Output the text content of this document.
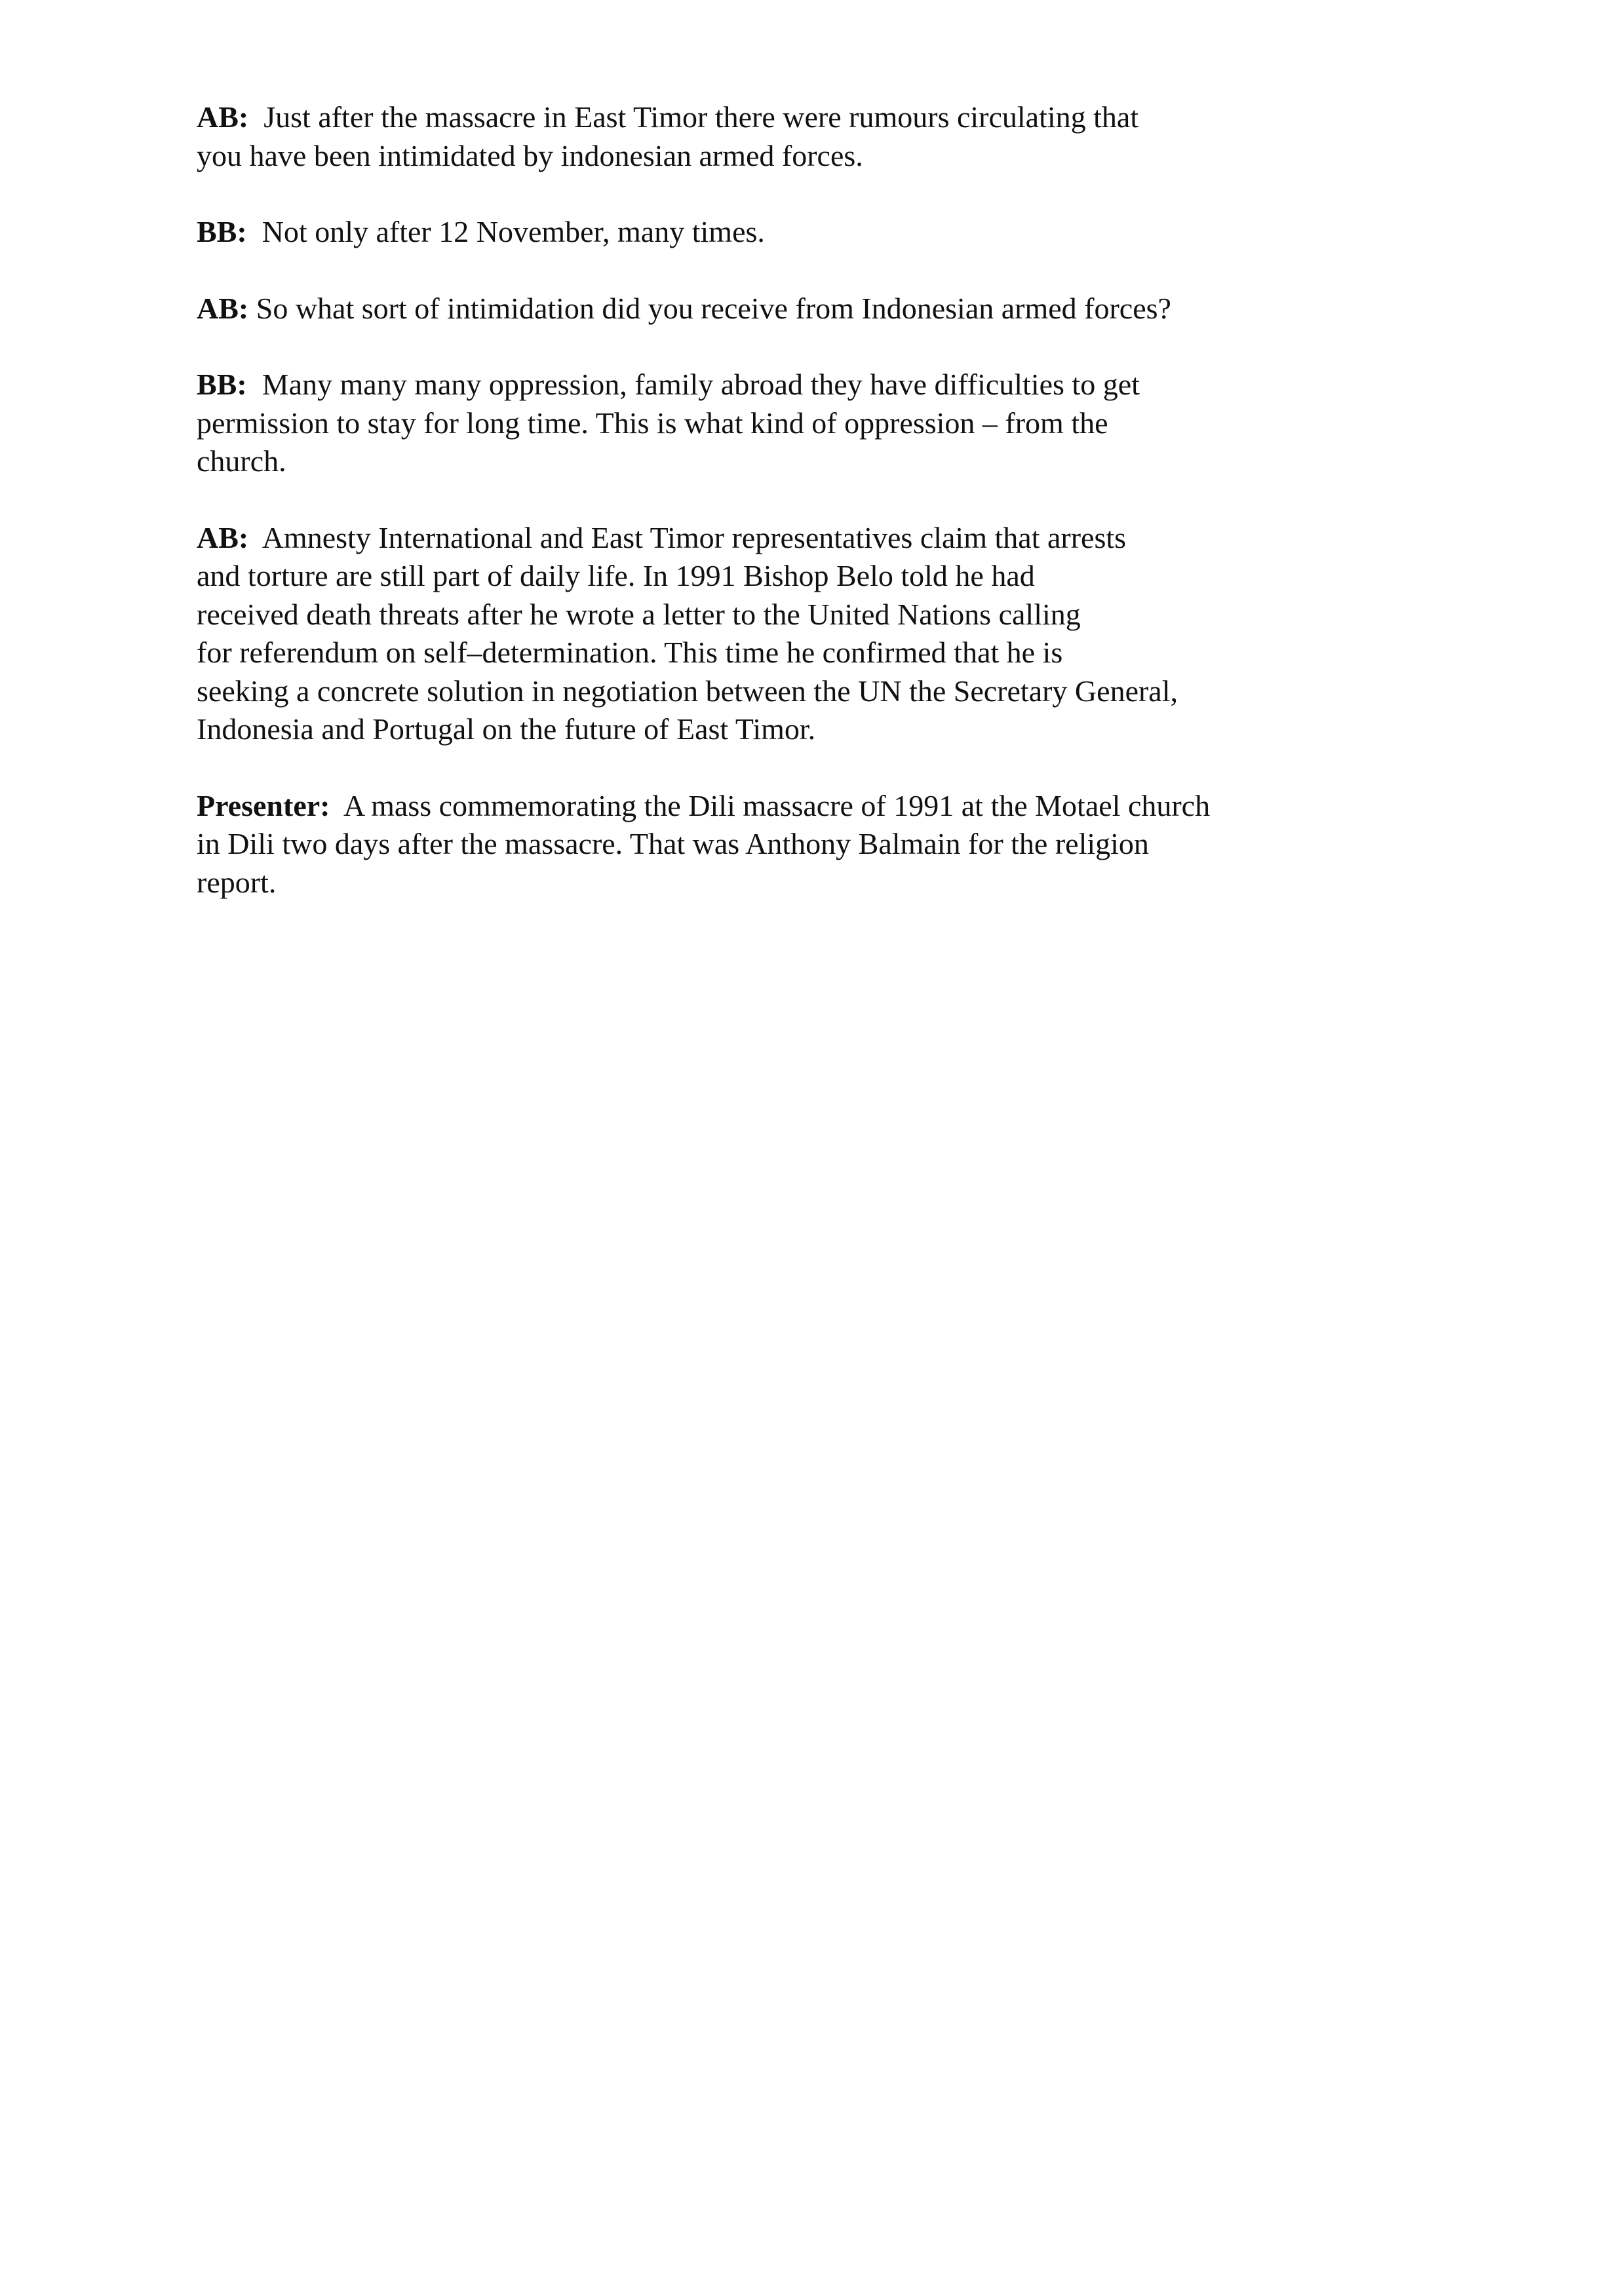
AB: Just after the massacre in East Timor there were rumours circulating that
you have been intimidated by indonesian armed forces.

BB: Not only after 12 November, many times.

AB: So what sort of intimidation did you receive from Indonesian armed forces?

BB: Many many many oppression, family abroad they have difficulties to get
permission to stay for long time. This is what kind of oppression – from the
church.

AB: Amnesty International and East Timor representatives claim that arrests
and torture are still part of daily life. In 1991 Bishop Belo told he had
received death threats after he wrote a letter to the United Nations calling
for referendum on self–determination. This time he confirmed that he is
seeking a concrete solution in negotiation between the UN the Secretary General,
Indonesia and Portugal on the future of East Timor.

Presenter: A mass commemorating the Dili massacre of 1991 at the Motael church
in Dili two days after the massacre. That was Anthony Balmain for the religion
report.
